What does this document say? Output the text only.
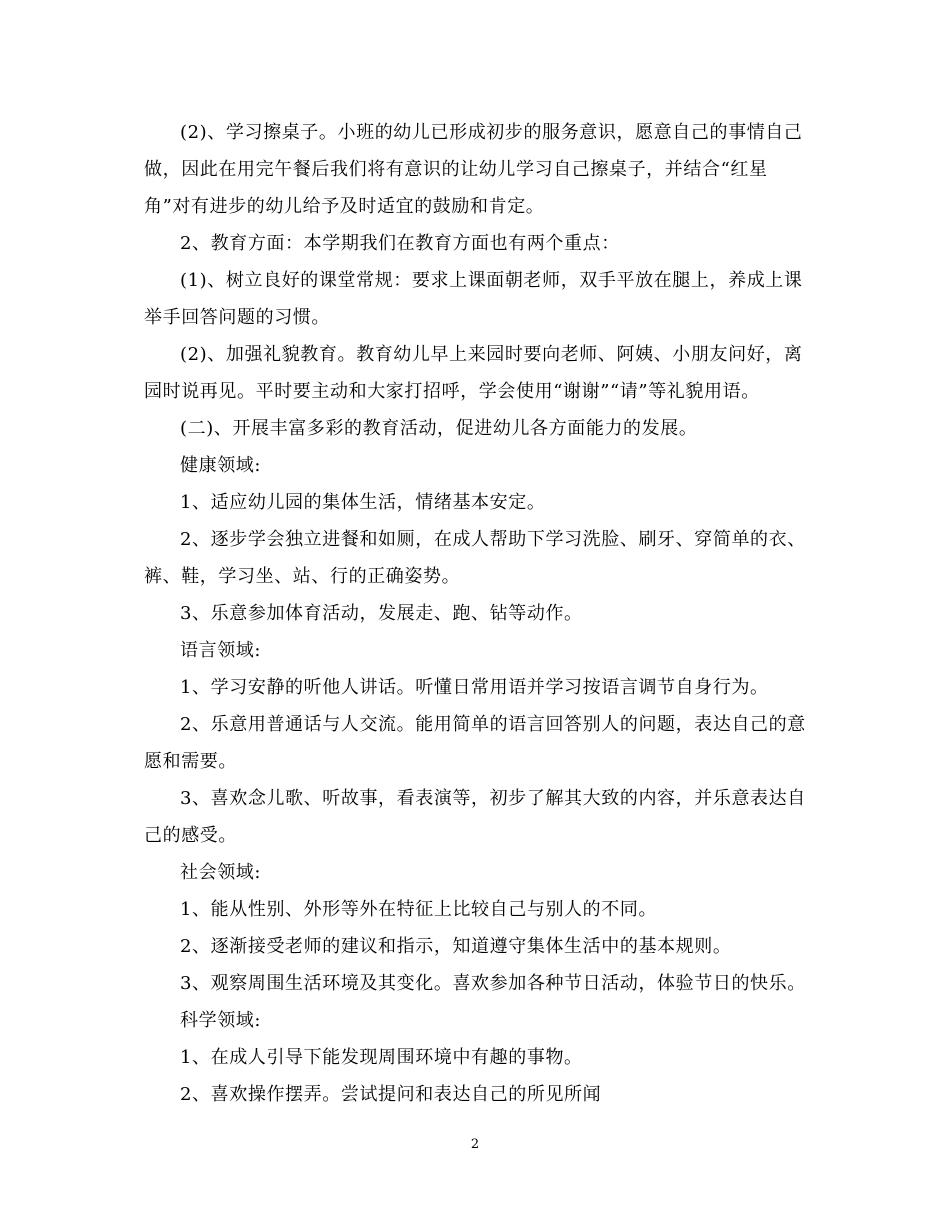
(2)、学习擦桌子。小班的幼儿已形成初步的服务意识，愿意自己的事情自己
做，因此在用完午餐后我们将有意识的让幼儿学习自己擦桌子，并结合“红星
角”对有进步的幼儿给予及时适宜的鼓励和肯定。
2、教育方面：本学期我们在教育方面也有两个重点：
(1)、树立良好的课堂常规：要求上课面朝老师，双手平放在腿上，养成上课
举手回答问题的习惯。
(2)、加强礼貌教育。教育幼儿早上来园时要向老师、阿姨、小朋友问好，离
园时说再见。平时要主动和大家打招呼，学会使用“谢谢”“请”等礼貌用语。
(二)、开展丰富多彩的教育活动，促进幼儿各方面能力的发展。
健康领域:
1、适应幼儿园的集体生活，情绪基本安定。
2、逐步学会独立进餐和如厕，在成人帮助下学习洗脸、刷牙、穿简单的衣、
裤、鞋，学习坐、站、行的正确姿势。
3、乐意参加体育活动，发展走、跑、钻等动作。
语言领域:
1、学习安静的听他人讲话。听懂日常用语并学习按语言调节自身行为。
2、乐意用普通话与人交流。能用简单的语言回答别人的问题，表达自己的意
愿和需要。
3、喜欢念儿歌、听故事，看表演等，初步了解其大致的内容，并乐意表达自
己的感受。
社会领域:
1、能从性别、外形等外在特征上比较自己与别人的不同。
2、逐渐接受老师的建议和指示，知道遵守集体生活中的基本规则。
3、观察周围生活环境及其变化。喜欢参加各种节日活动，体验节日的快乐。
科学领域:
1、在成人引导下能发现周围环境中有趣的事物。
2、喜欢操作摆弄。尝试提问和表达自己的所见所闻
2
